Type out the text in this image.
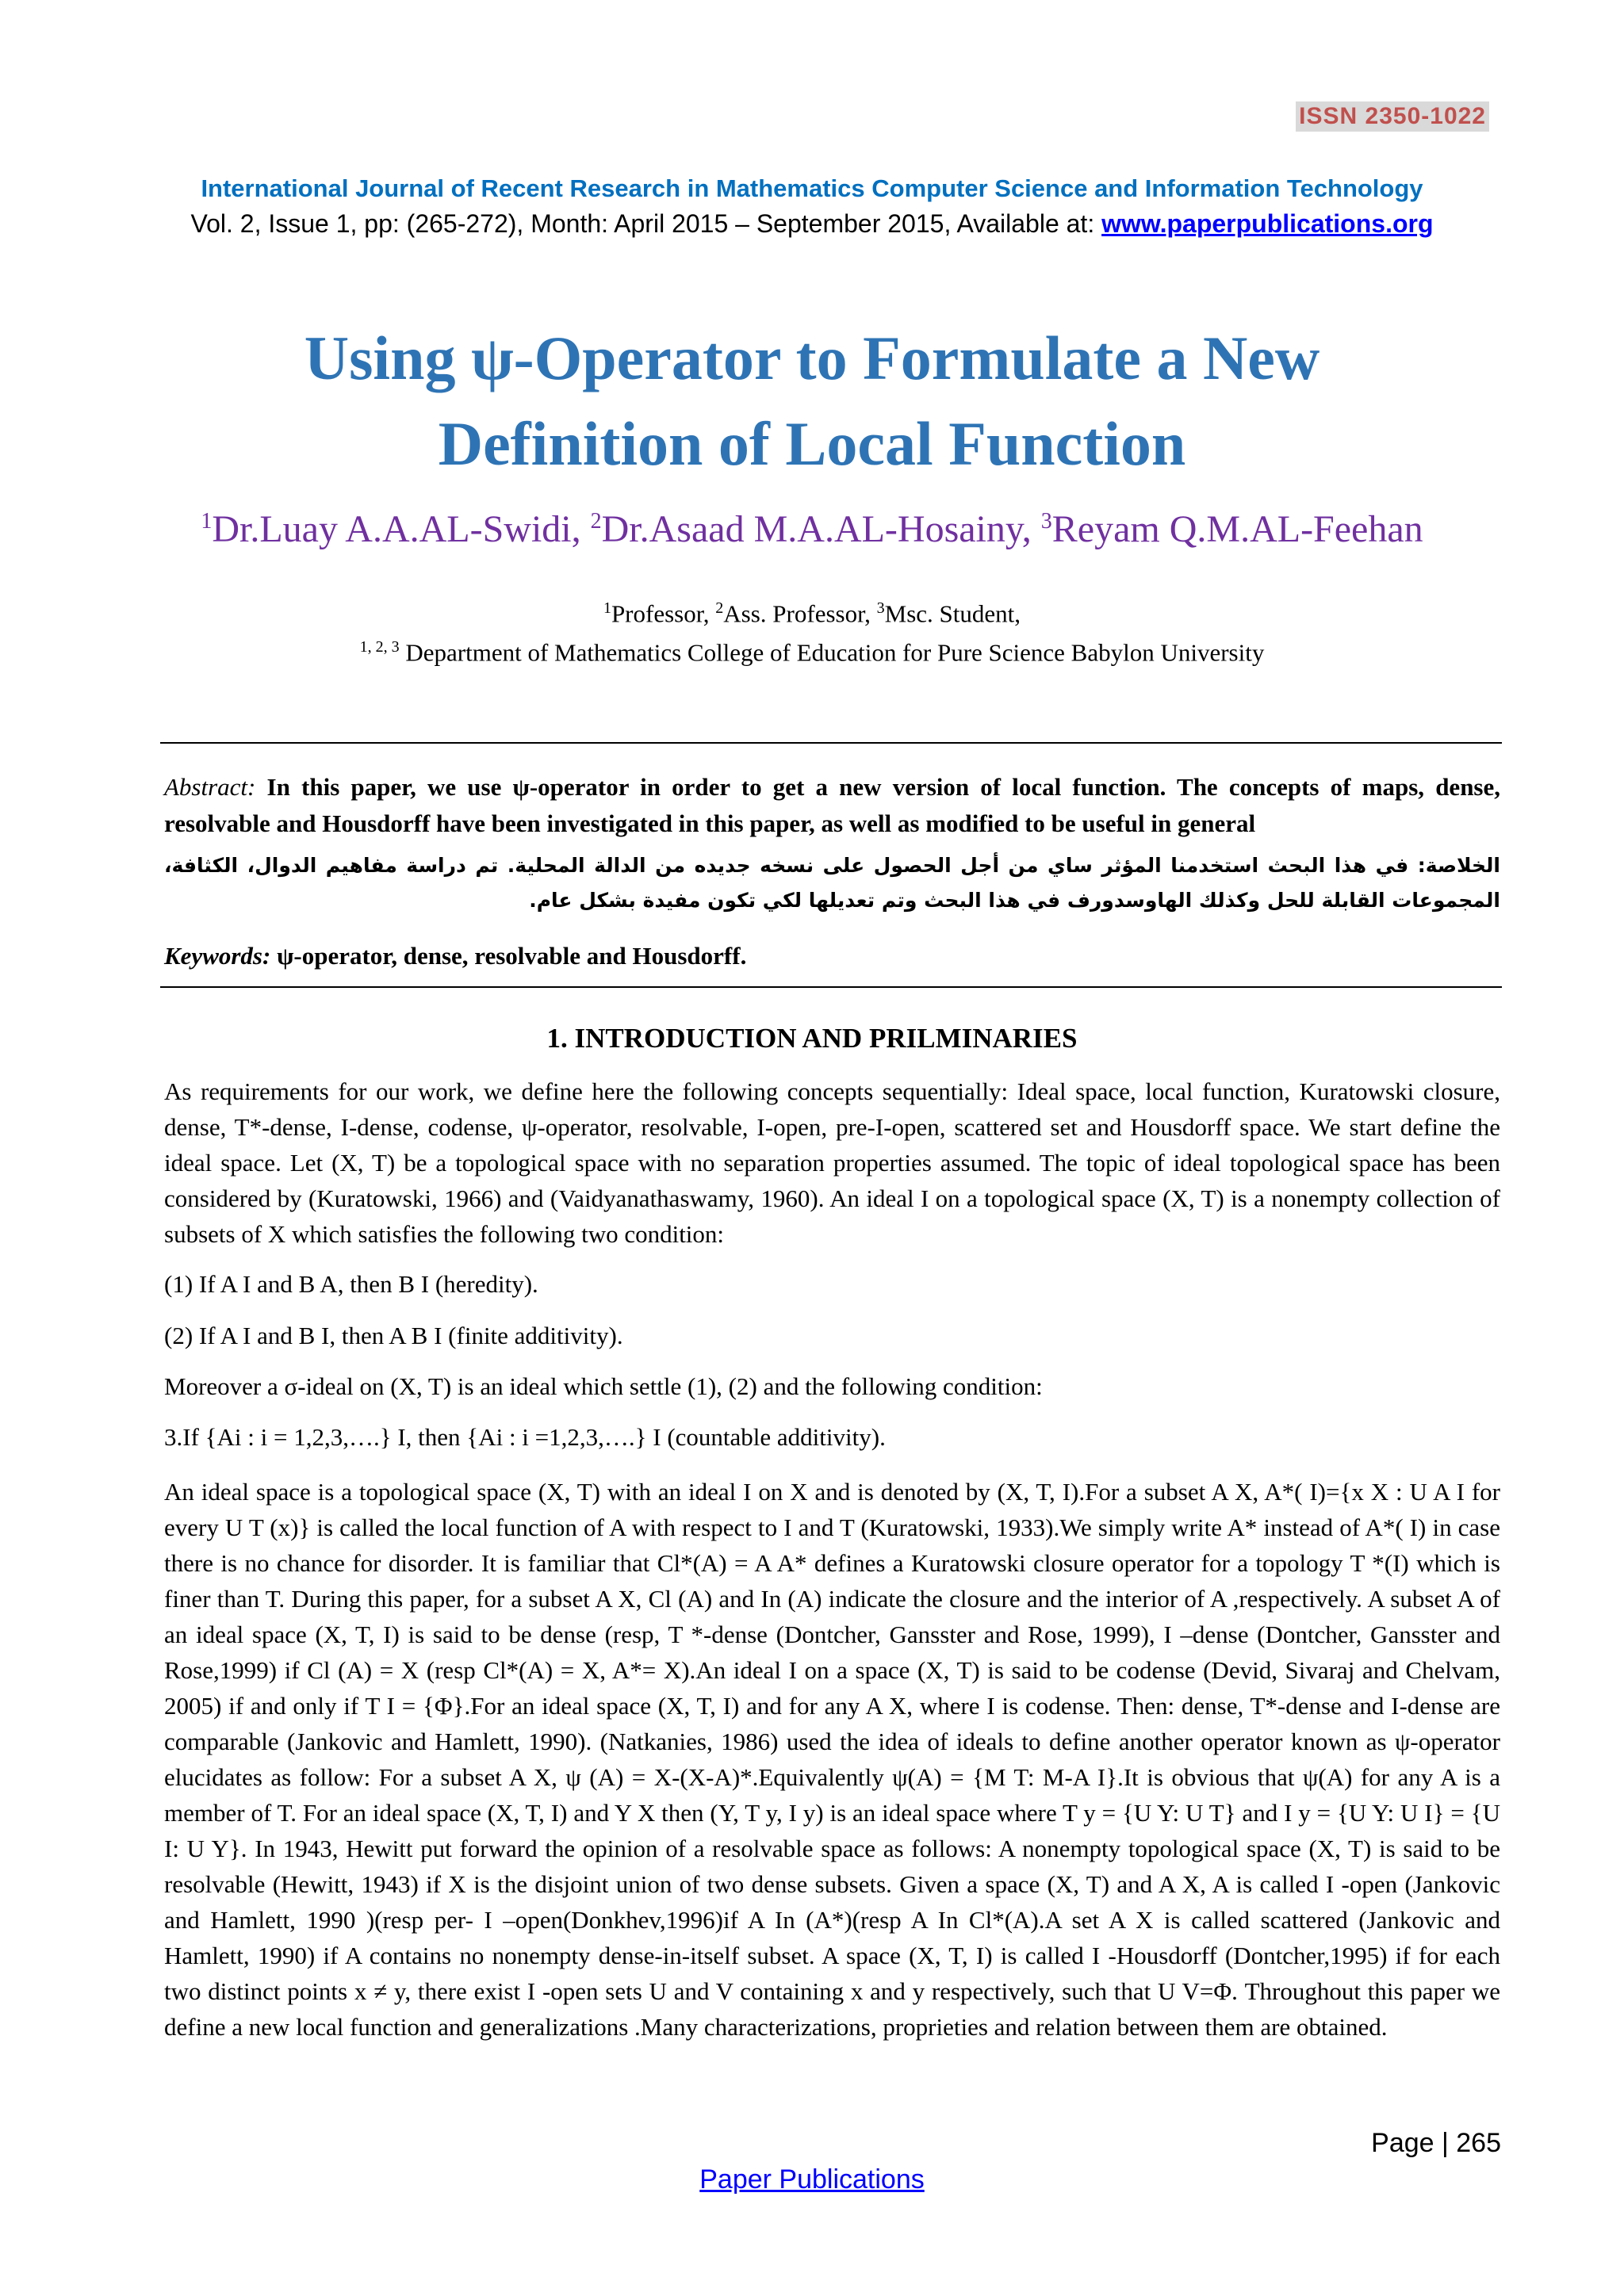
ISSN 2350-1022
International Journal of Recent Research in Mathematics Computer Science and Information Technology
Vol. 2, Issue 1, pp: (265-272), Month: April 2015 – September 2015, Available at: www.paperpublications.org
Using ψ-Operator to Formulate a New
Definition of Local Function
$^1$Dr.Luay A.A.AL-Swidi, $^2$Dr.Asaad M.A.AL-Hosainy, $^3$Reyam Q.M.AL-Feehan
$^1$Professor, $^2$Ass. Professor, $^3$Msc. Student,
$^{1, 2, 3}$ Department of Mathematics College of Education for Pure Science Babylon University
Abstract: In this paper, we use ψ-operator in order to get a new version of local function. The concepts of maps, dense, resolvable and Housdorff have been investigated in this paper, as well as modified to be useful in general
الخلاصة: في هذا البحث استخدمنا المؤثر ساي من أجل الحصول على نسخه جديده من الدالة المحلية. تم دراسة مفاهيم الدوال، الكثافة، المجموعات القابلة للحل وكذلك الهاوسدورف في هذا البحث وتم تعديلها لكي تكون مفيدة بشكل عام.
Keywords: ψ-operator, dense, resolvable and Housdorff.
1. INTRODUCTION AND PRILMINARIES
As requirements for our work, we define here the following concepts sequentially: Ideal space, local function, Kuratowski closure, dense, T*-dense, I-dense, codense, ψ-operator, resolvable, I-open, pre-I-open, scattered set and Housdorff space. We start define the ideal space. Let (X, T) be a topological space with no separation properties assumed. The topic of ideal topological space has been considered by (Kuratowski, 1966) and (Vaidyanathaswamy, 1960). An ideal I on a topological space (X, T) is a nonempty collection of subsets of X which satisfies the following two condition:
(1) If A I and B A, then B I (heredity).
(2) If A I and B I, then A B I (finite additivity).
Moreover a σ-ideal on (X, T) is an ideal which settle (1), (2) and the following condition:
3.If {Ai : i = 1,2,3,….} I, then {Ai : i =1,2,3,….} I (countable additivity).
An ideal space is a topological space (X, T) with an ideal I on X and is denoted by (X, T, I).For a subset A X, A*( I)={x X : U A I for every U T (x)} is called the local function of A with respect to I and T (Kuratowski, 1933).We simply write A* instead of A*( I) in case there is no chance for disorder. It is familiar that Cl*(A) = A A* defines a Kuratowski closure operator for a topology T *(I) which is finer than T. During this paper, for a subset A X, Cl (A) and In (A) indicate the closure and the interior of A ,respectively. A subset A of an ideal space (X, T, I) is said to be dense (resp, T *-dense (Dontcher, Gansster and Rose, 1999), I –dense (Dontcher, Gansster and Rose,1999) if Cl (A) = X (resp Cl*(A) = X, A*= X).An ideal I on a space (X, T) is said to be codense (Devid, Sivaraj and Chelvam, 2005) if and only if T I = {Φ}.For an ideal space (X, T, I) and for any A X, where I is codense. Then: dense, T*-dense and I-dense are comparable (Jankovic and Hamlett, 1990). (Natkanies, 1986) used the idea of ideals to define another operator known as ψ-operator elucidates as follow: For a subset A X, ψ (A) = X-(X-A)*.Equivalently ψ(A) = {M T: M-A I}.It is obvious that ψ(A) for any A is a member of T. For an ideal space (X, T, I) and Y X then (Y, T y, I y) is an ideal space where T y = {U Y: U T} and I y = {U Y: U I} = {U I: U Y}. In 1943, Hewitt put forward the opinion of a resolvable space as follows: A nonempty topological space (X, T) is said to be resolvable (Hewitt, 1943) if X is the disjoint union of two dense subsets. Given a space (X, T) and A X, A is called I -open (Jankovic and Hamlett, 1990 )(resp per- I –open(Donkhev,1996)if A In (A*)(resp A In Cl*(A).A set A X is called scattered (Jankovic and Hamlett, 1990) if A contains no nonempty dense-in-itself subset. A space (X, T, I) is called I -Housdorff (Dontcher,1995) if for each two distinct points x ≠ y, there exist I -open sets U and V containing x and y respectively, such that U V=Φ. Throughout this paper we define a new local function and generalizations .Many characterizations, proprieties and relation between them are obtained.
Page | 265
Paper Publications
